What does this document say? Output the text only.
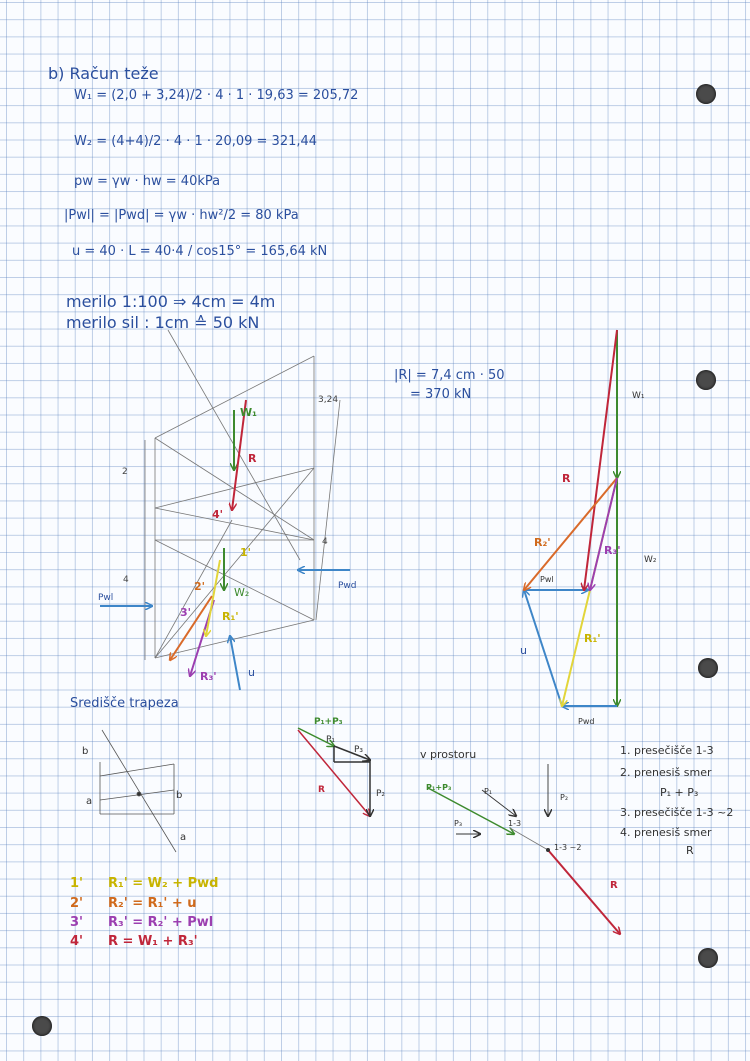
b) Račun teže
W₁ = (2,0 + 3,24)/2 · 4 · 1 · 19,63 = 205,72
W₂ = (4+4)/2 · 4 · 1 · 20,09 = 321,44
pw = γw · hw = 40kPa
|Pwl| = |Pwd| = γw · hw²/2 = 80 kPa
u = 40 · L = 40·4 / cos15° = 165,64 kN
merilo 1:100 ⇒ 4cm = 4m
merilo sil : 1cm ≙ 50 kN
|R| = 7,4 cm · 50
= 370 kN
Središče trapeza
v prostoru	1. presečišče 1-3
2. prenesiš smer
P₁ + P₃
3. presečišče 1-3 ~2
4. prenesiš smer
R
1' R₁' = W₂ + Pwd
2' R₂' = R₁' + u
3' R₃' = R₂' + Pwl
4' R = W₁ + R₃'
3,24
2
4
4
W₁
R
4'
1'
W₂
2'
3'	R₁'
R₃'	u
Pwl
Pwd
W₁
W₂
R
R₂'
R₃'
R₁'
Pwl
Pwd
u
b
a
b
a
P₁+P₃
P₁
P₃
P₂
R	P₁+P₃	P₁
P₂
P₃	1-3
1-3 ~2
R
